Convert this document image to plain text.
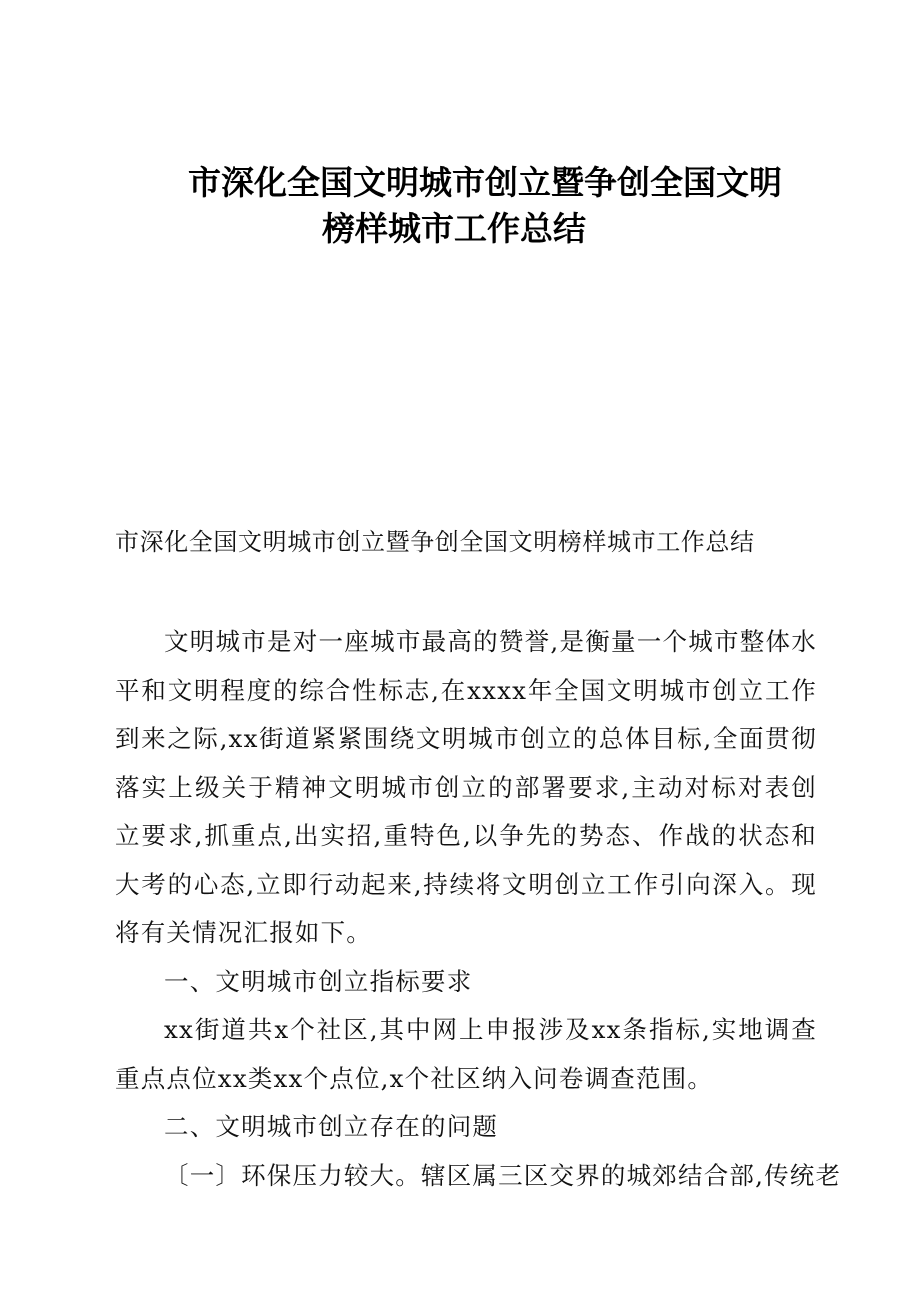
市深化全国文明城市创立暨争创全国文明
榜样城市工作总结
市深化全国文明城市创立暨争创全国文明榜样城市工作总结

文明城市是对一座城市最高的赞誉,是衡量一个城市整体水平和文明程度的综合性标志,在xxxx年全国文明城市创立工作到来之际,xx街道紧紧围绕文明城市创立的总体目标,全面贯彻落实上级关于精神文明城市创立的部署要求,主动对标对表创立要求,抓重点,出实招,重特色,以争先的势态、作战的状态和大考的心态,立即行动起来,持续将文明创立工作引向深入。现将有关情况汇报如下。

一、文明城市创立指标要求

xx街道共x个社区,其中网上申报涉及xx条指标,实地调查重点点位xx类xx个点位,x个社区纳入问卷调查范围。

二、文明城市创立存在的问题

〔一〕环保压力较大。辖区属三区交界的城郊结合部,传统老
